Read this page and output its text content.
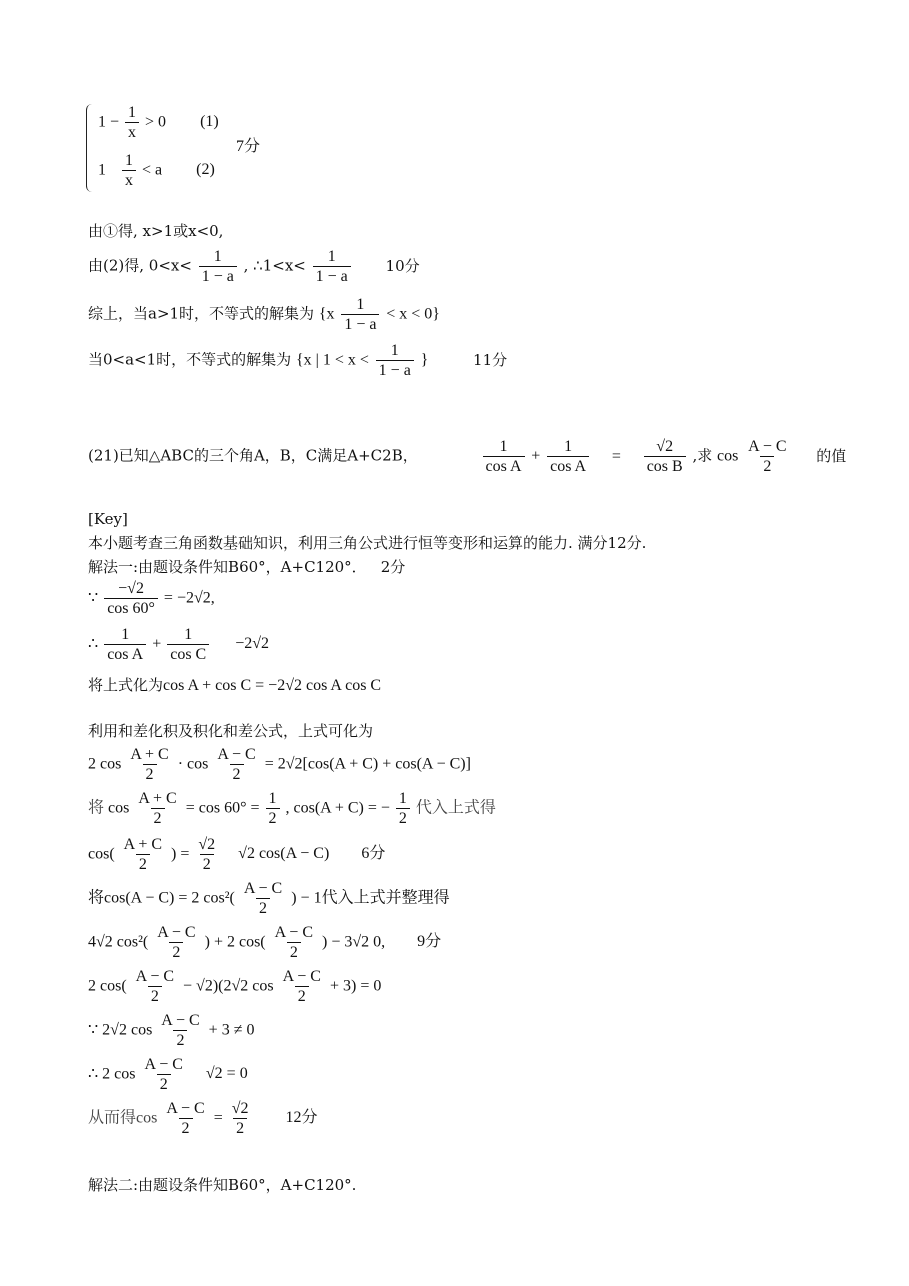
$1 - \frac{1}{x} > 0$ (1)
7分
$1 \frac{1}{x} < a$ (2)
由①得, x>1或x<0,
由(2)得, $0<x< \frac{1}{1 - a}$ , ∴1<x< $\frac{1}{1 - a} 10$分
综上，当a>1时，不等式的解集为 $\{x \frac{1}{1 - a} < x < 0\}$
当0<a<1时，不等式的解集为 {x | $1 < x < \frac{1}{1 - a}$ }	11分
(21)已知△ABC的三个角A，B，C满足A+C2B，	$\frac{1}{\text{cos A}} + \frac{1}{\text{cos A}} = \frac{√2}{\text{cos B}}$ ,求 $\cos \frac{A - C}{2}$ 的值
[Key]
本小题考查三角函数基础知识，利用三角公式进行恒等变形和运算的能力. 满分12分.
解法一:由题设条件知B60°，A+C120°． 2分
∵ $\frac{-√2}{\cos 60^\circ} = -2√2$,
∴ $\frac{1}{\text{cos A}} + \frac{1}{\text{cos C}} -2√2$
将上式化为cos A + cos C = −2√2 cos A cos C
利用和差化积及积化和差公式，上式可化为
2 $\cos \frac{A + C}{2} \cdot \cos \frac{A - C}{2} = 2√2[\cos(A + C) + \cos(A - C)]$
将 $\cos \frac{A + C}{2} = \cos 60^\circ = \frac{1}{2}$ , cos(A + C) = − $\frac{1}{2}$ 代入上式得
$\cos( \frac{A + C}{2}$ ) = $\frac{√2}{2} √2$ cos(A − C) 6分
将cos(A − C) = 2 $\cos^2( \frac{A - C}{2}$ ) − 1代入上式并整理得
4√2 $\cos^2( \frac{A - C}{2}$ ) + 2 $\cos( \frac{A - C}{2}$ ) − 3√2 0, 9分
2 $\cos( \frac{A - C}{2} - √2)(2√2$ $\cos \frac{A - C}{2} + 3) = 0$
∵ 2√2 $\cos \frac{A - C}{2} + 3 \ne 0$
∴ 2 $\cos \frac{A - C}{2} √2 = 0$
从而得$\cos \frac{A - C}{2} = \frac{√2}{2} 12$分
解法二:由题设条件知B60°，A+C120°.
